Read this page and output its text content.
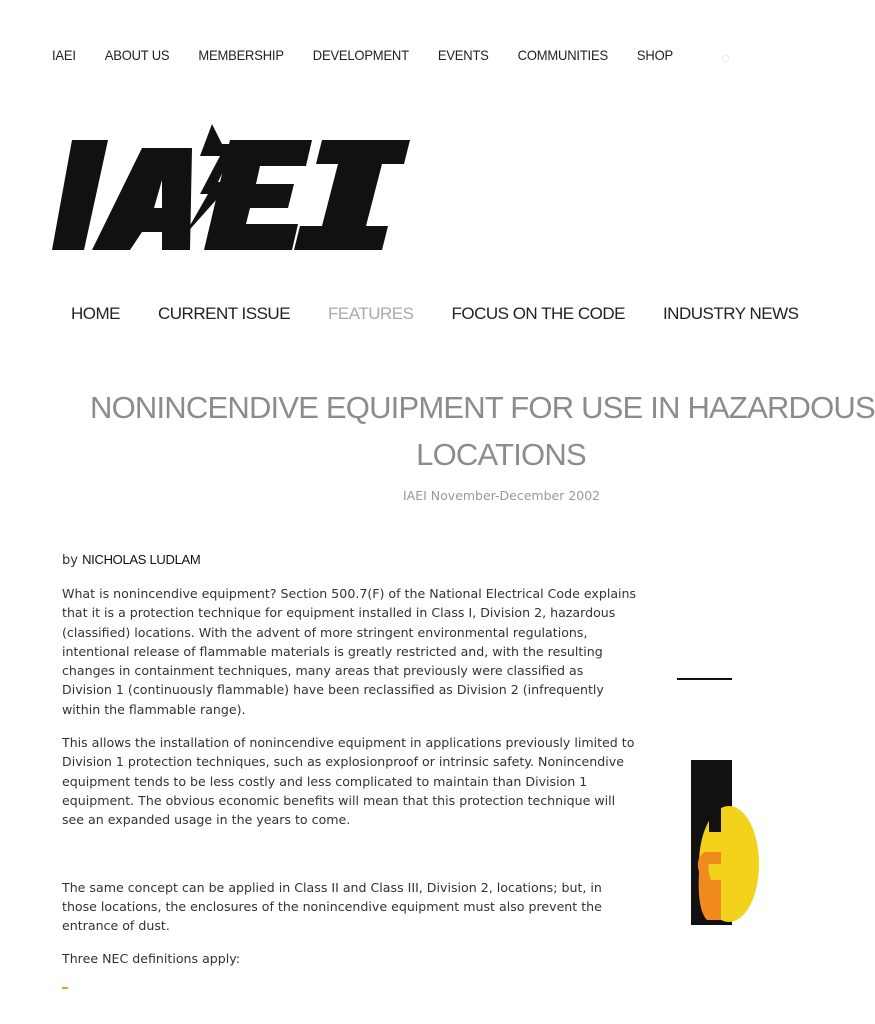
IAEI ABOUT US MEMBERSHIP DEVELOPMENT EVENTS COMMUNITIES SHOP	○
HOME CURRENT ISSUE FEATURES FOCUS ON THE CODE INDUSTRY NEWS
NONINCENDIVE EQUIPMENT FOR USE IN HAZARDOUS
LOCATIONS
IAEI November-December 2002
by NICHOLAS LUDLAM

What is nonincendive equipment? Section 500.7(F) of the National Electrical Code explains that it is a protection technique for equipment installed in Class I, Division 2, hazardous (classified) locations. With the advent of more stringent environmental regulations, intentional release of flammable materials is greatly restricted and, with the resulting changes in containment techniques, many areas that previously were classified as Division 1 (continuously flammable) have been reclassified as Division 2 (infrequently within the flammable range).

This allows the installation of nonincendive equipment in applications previously limited to Division 1 protection techniques, such as explosionproof or intrinsic safety. Nonincendive equipment tends to be less costly and less complicated to maintain than Division 1 equipment. The obvious economic benefits will mean that this protection technique will see an expanded usage in the years to come.

The same concept can be applied in Class II and Class III, Division 2, locations; but, in those locations, the enclosures of the nonincendive equipment must also prevent the entrance of dust.

Three NEC definitions apply:
